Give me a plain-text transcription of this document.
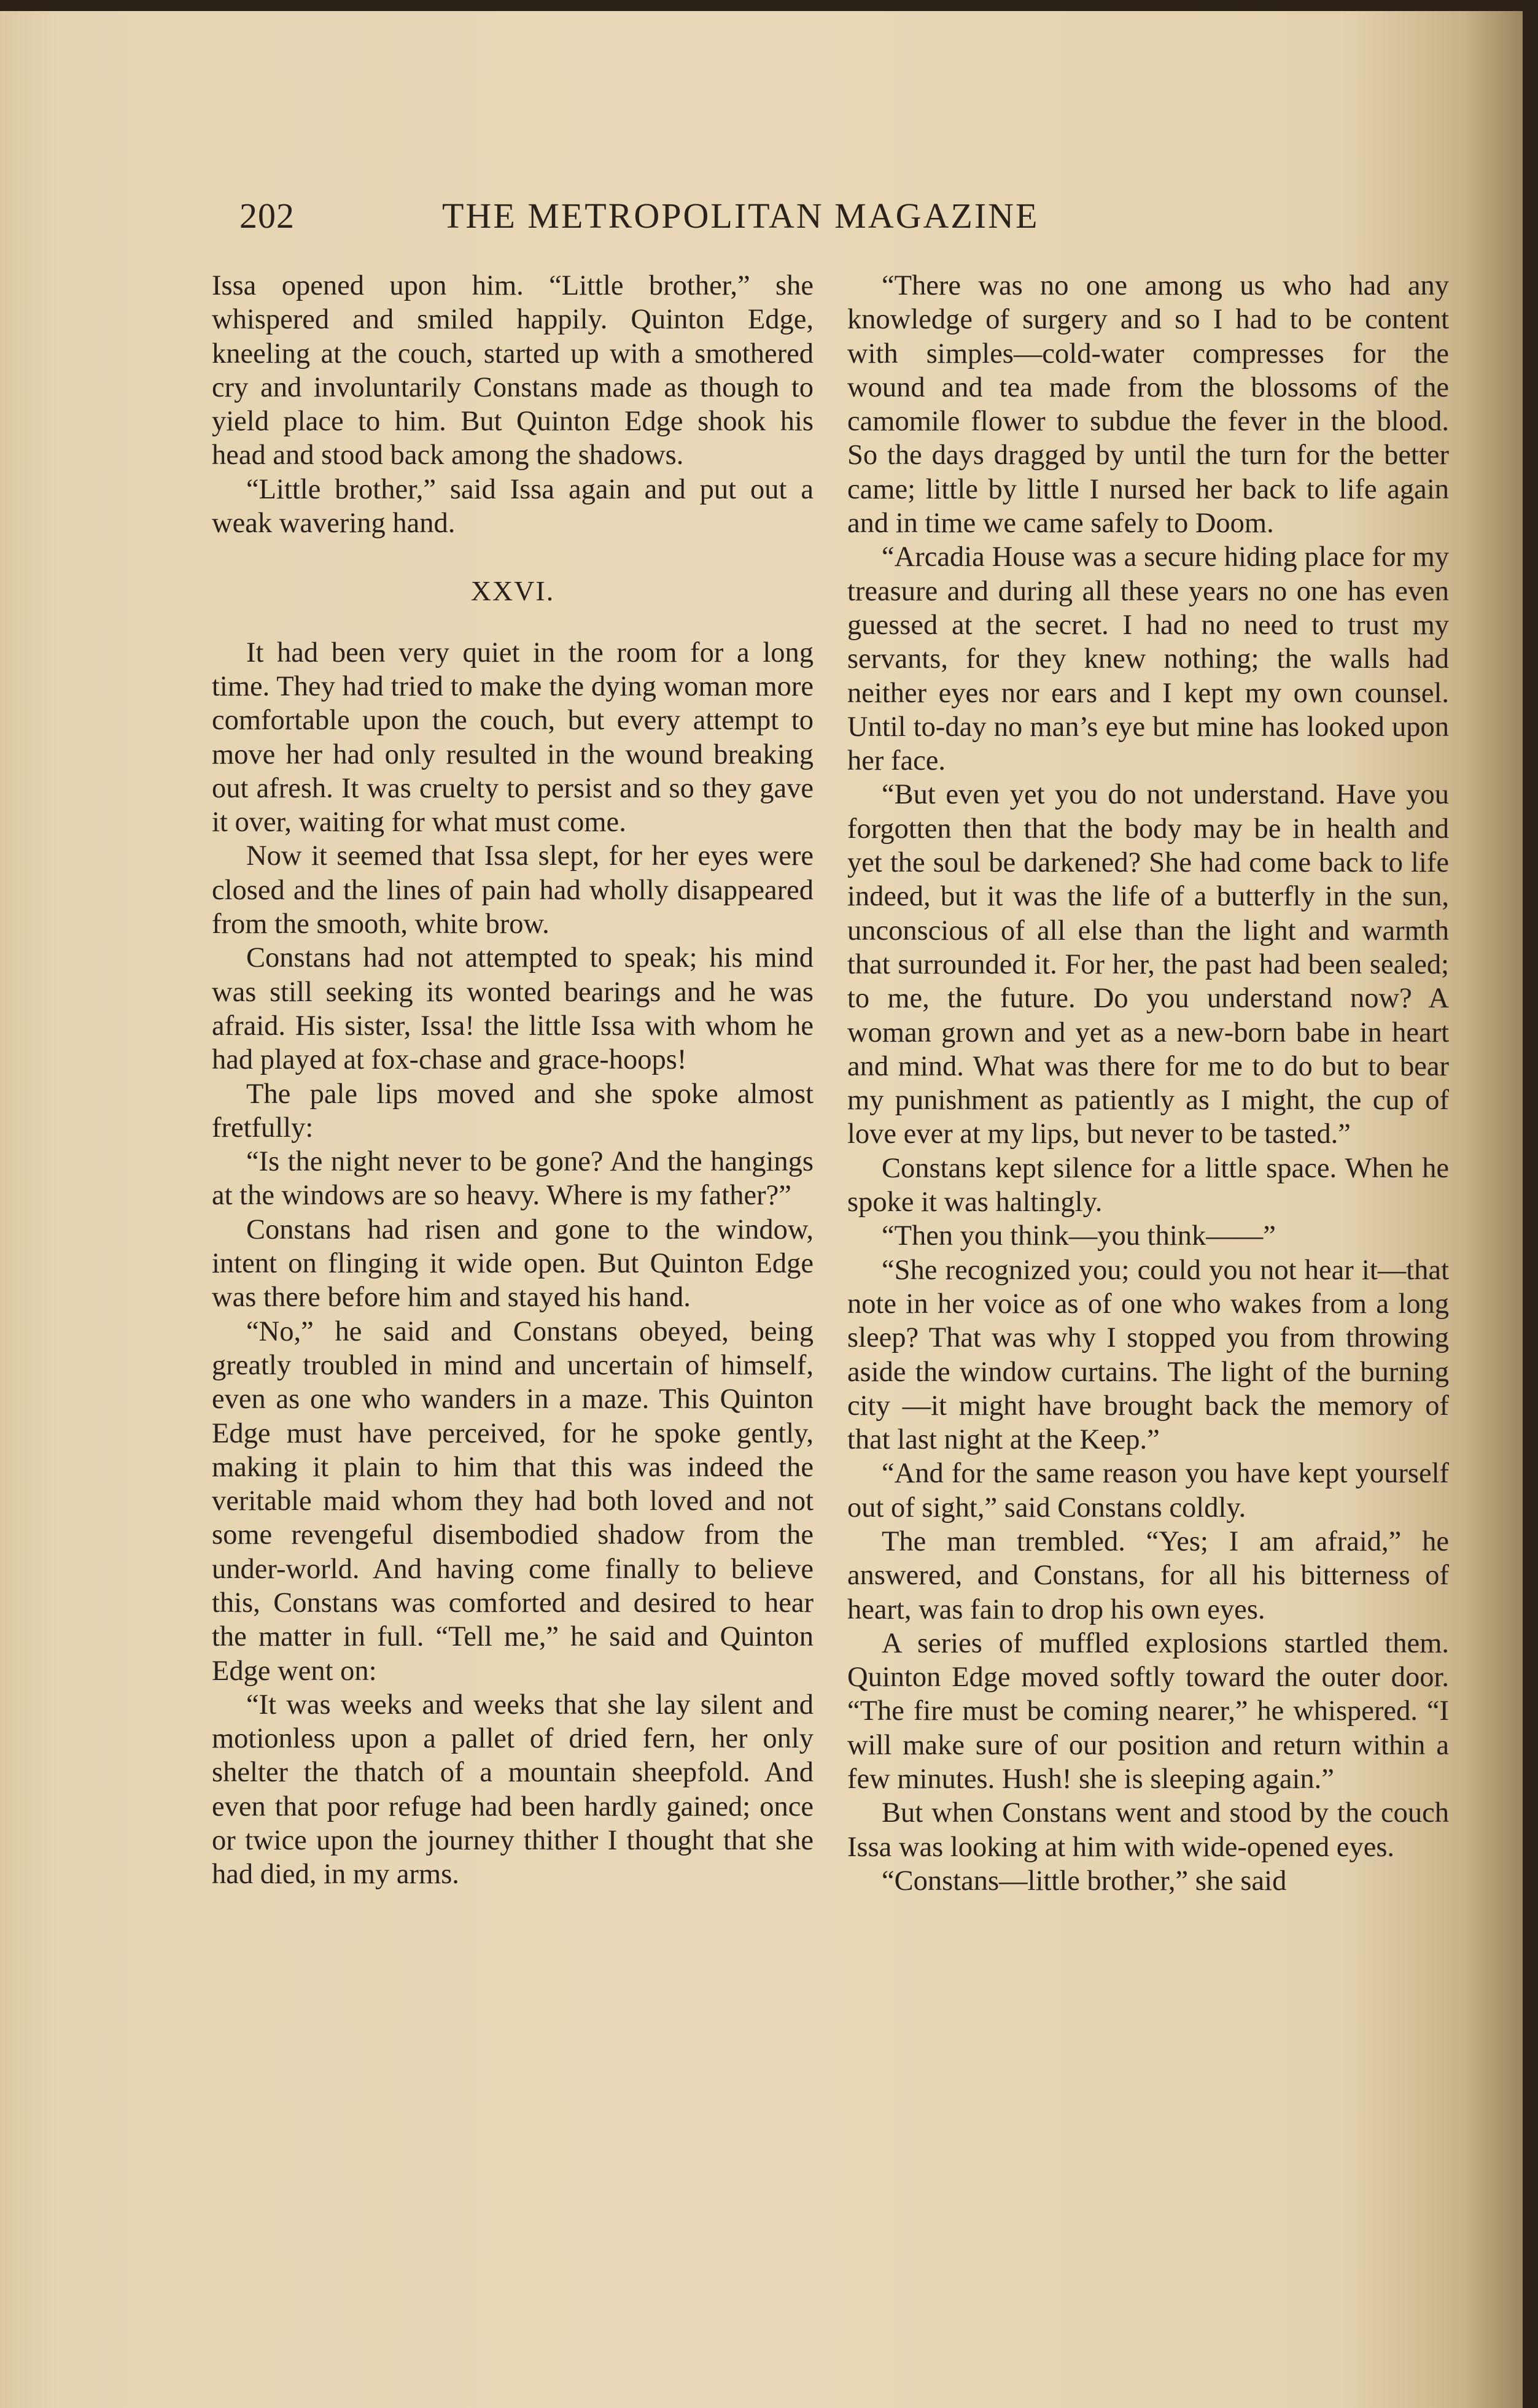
202	THE METROPOLITAN MAGAZINE

Issa opened upon him. “Little brother,” she whispered and smiled happily. Quinton Edge, kneeling at the couch, started up with a smothered cry and involuntarily Constans made as though to yield place to him. But Quinton Edge shook his head and stood back among the shadows.

“Little brother,” said Issa again and put out a weak wavering hand.

XXVI.

It had been very quiet in the room for a long time. They had tried to make the dying woman more comfortable upon the couch, but every attempt to move her had only resulted in the wound breaking out afresh. It was cruelty to persist and so they gave it over, waiting for what must come.

Now it seemed that Issa slept, for her eyes were closed and the lines of pain had wholly disappeared from the smooth, white brow.

Constans had not attempted to speak; his mind was still seeking its wonted bearings and he was afraid. His sister, Issa! the little Issa with whom he had played at fox-chase and grace-hoops!

The pale lips moved and she spoke almost fretfully:

“Is the night never to be gone? And the hangings at the windows are so heavy. Where is my father?”

Constans had risen and gone to the window, intent on flinging it wide open. But Quinton Edge was there before him and stayed his hand.

“No,” he said and Constans obeyed, being greatly troubled in mind and uncertain of himself, even as one who wanders in a maze. This Quinton Edge must have perceived, for he spoke gently, making it plain to him that this was indeed the veritable maid whom they had both loved and not some revengeful disembodied shadow from the under-world. And having come finally to believe this, Constans was comforted and desired to hear the matter in full. “Tell me,” he said and Quinton Edge went on:

“It was weeks and weeks that she lay silent and motionless upon a pallet of dried fern, her only shelter the thatch of a mountain sheepfold. And even that poor refuge had been hardly gained; once or twice upon the journey thither I thought that she had died, in my arms.

“There was no one among us who had any knowledge of surgery and so I had to be content with simples—cold-water compresses for the wound and tea made from the blossoms of the camomile flower to subdue the fever in the blood. So the days dragged by until the turn for the better came; little by little I nursed her back to life again and in time we came safely to Doom.

“Arcadia House was a secure hiding place for my treasure and during all these years no one has even guessed at the secret. I had no need to trust my servants, for they knew nothing; the walls had neither eyes nor ears and I kept my own counsel. Until to-day no man’s eye but mine has looked upon her face.

“But even yet you do not understand. Have you forgotten then that the body may be in health and yet the soul be darkened? She had come back to life indeed, but it was the life of a butterfly in the sun, unconscious of all else than the light and warmth that surrounded it. For her, the past had been sealed; to me, the future. Do you understand now? A woman grown and yet as a new-born babe in heart and mind. What was there for me to do but to bear my punishment as patiently as I might, the cup of love ever at my lips, but never to be tasted.”

Constans kept silence for a little space. When he spoke it was haltingly.

“Then you think—you think——”

“She recognized you; could you not hear it—that note in her voice as of one who wakes from a long sleep? That was why I stopped you from throwing aside the window curtains. The light of the burning city —it might have brought back the memory of that last night at the Keep.”

“And for the same reason you have kept yourself out of sight,” said Constans coldly.

The man trembled. “Yes; I am afraid,” he answered, and Constans, for all his bitterness of heart, was fain to drop his own eyes.

A series of muffled explosions startled them. Quinton Edge moved softly toward the outer door. “The fire must be coming nearer,” he whispered. “I will make sure of our position and return within a few minutes. Hush! she is sleeping again.”

But when Constans went and stood by the couch Issa was looking at him with wide-opened eyes.

“Constans—little brother,” she said
